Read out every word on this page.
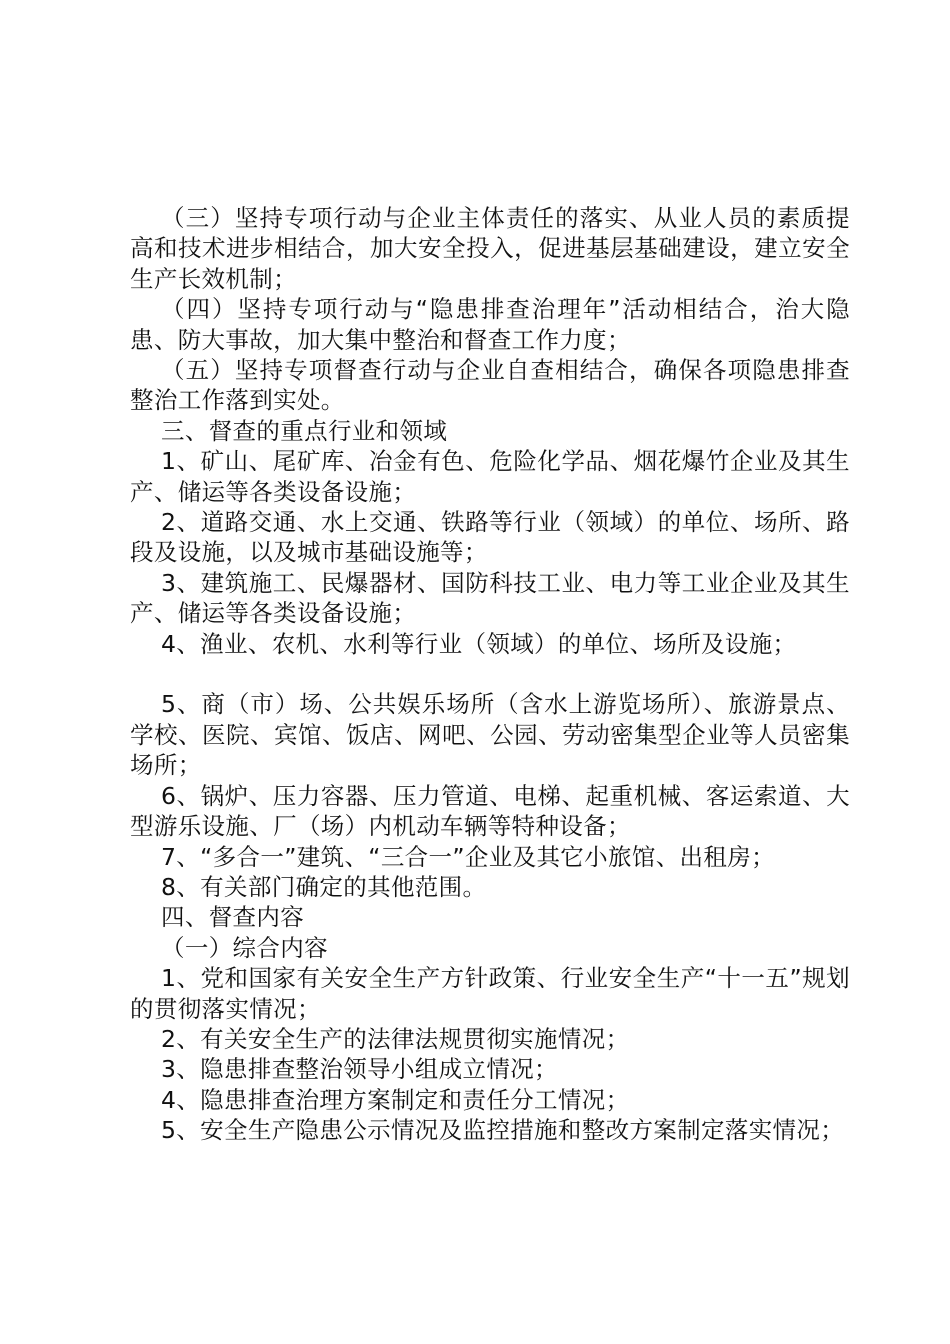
（三）坚持专项行动与企业主体责任的落实、从业人员的素质提高和技术进步相结合，加大安全投入，促进基层基础建设，建立安全生产长效机制；

（四）坚持专项行动与“隐患排查治理年”活动相结合，治大隐患、防大事故，加大集中整治和督查工作力度；

（五）坚持专项督查行动与企业自查相结合，确保各项隐患排查整治工作落到实处。

三、督查的重点行业和领域

1、矿山、尾矿库、冶金有色、危险化学品、烟花爆竹企业及其生产、储运等各类设备设施；

2、道路交通、水上交通、铁路等行业（领域）的单位、场所、路段及设施，以及城市基础设施等；

3、建筑施工、民爆器材、国防科技工业、电力等工业企业及其生产、储运等各类设备设施；

4、渔业、农机、水利等行业（领域）的单位、场所及设施；

5、商（市）场、公共娱乐场所（含水上游览场所）、旅游景点、学校、医院、宾馆、饭店、网吧、公园、劳动密集型企业等人员密集场所；

6、锅炉、压力容器、压力管道、电梯、起重机械、客运索道、大型游乐设施、厂（场）内机动车辆等特种设备；

7、“多合一”建筑、“三合一”企业及其它小旅馆、出租房；

8、有关部门确定的其他范围。

四、督查内容

（一）综合内容

1、党和国家有关安全生产方针政策、行业安全生产“十一五”规划的贯彻落实情况；

2、有关安全生产的法律法规贯彻实施情况；

3、隐患排查整治领导小组成立情况；

4、隐患排查治理方案制定和责任分工情况；

5、安全生产隐患公示情况及监控措施和整改方案制定落实情况；
